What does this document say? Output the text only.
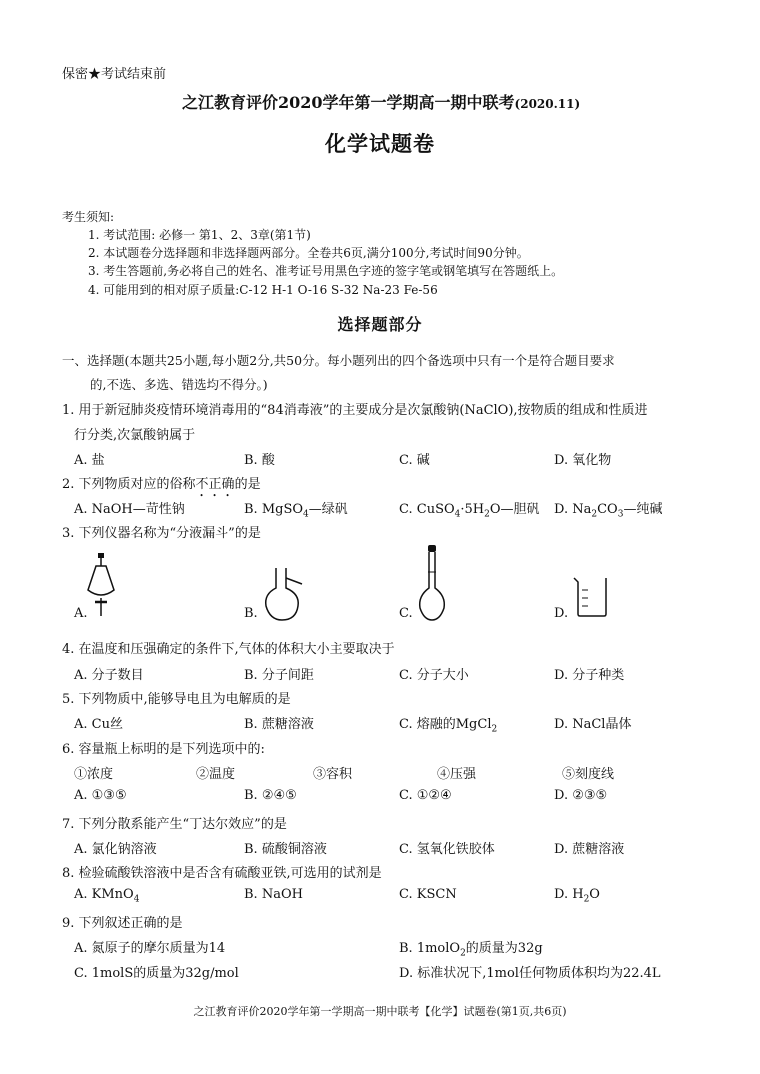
保密★考试结束前
之江教育评价2020学年第一学期高一期中联考(2020.11)
化学试题卷
考生须知:
1. 考试范围: 必修一 第1、2、3章(第1节)
2. 本试题卷分选择题和非选择题两部分。全卷共6页,满分100分,考试时间90分钟。
3. 考生答题前,务必将自己的姓名、准考证号用黑色字迹的签字笔或钢笔填写在答题纸上。
4. 可能用到的相对原子质量:C-12 H-1 O-16 S-32 Na-23 Fe-56
选择题部分
一、选择题(本题共25小题,每小题2分,共50分。每小题列出的四个备选项中只有一个是符合题目要求
的,不选、多选、错选均不得分。)
1. 用于新冠肺炎疫情环境消毒用的“84消毒液”的主要成分是次氯酸钠(NaClO),按物质的组成和性质进
行分类,次氯酸钠属于
A. 盐	B. 酸	C. 碱	D. 氧化物
2. 下列物质对应的俗称不正确的是
A. NaOH—苛性钠	B. MgSO$_4$—绿矾	C. $CuSO_4\cdot 5H_2O—$胆矾 D. $Na_2CO_3—$纯碱
3. 下列仪器名称为“分液漏斗”的是
A.	B.	C.	D.
4. 在温度和压强确定的条件下,气体的体积大小主要取决于
A. 分子数目	B. 分子间距	C. 分子大小	D. 分子种类
5. 下列物质中,能够导电且为电解质的是
A. Cu丝	B. 蔗糖溶液	C. 熔融的MgCl$_2$	D. NaCl晶体
6. 容量瓶上标明的是下列选项中的:
①浓度	②温度	③容积	④压强	⑤刻度线
A. ①③⑤	B. ②④⑤	C. ①②④	D. ②③⑤
7. 下列分散系能产生“丁达尔效应”的是
A. 氯化钠溶液	B. 硫酸铜溶液	C. 氢氧化铁胶体	D. 蔗糖溶液
8. 检验硫酸铁溶液中是否含有硫酸亚铁,可选用的试剂是
A. KMnO$_4$	B. NaOH	C. KSCN	D. $H_2O$
9. 下列叙述正确的是
A. 氮原子的摩尔质量为14	B. 1molO$_2$的质量为32g
C. 1molS的质量为32g/mol	D. 标准状况下,1mol任何物质体积均为22.4L
之江教育评价2020学年第一学期高一期中联考【化学】试题卷(第1页,共6页)
